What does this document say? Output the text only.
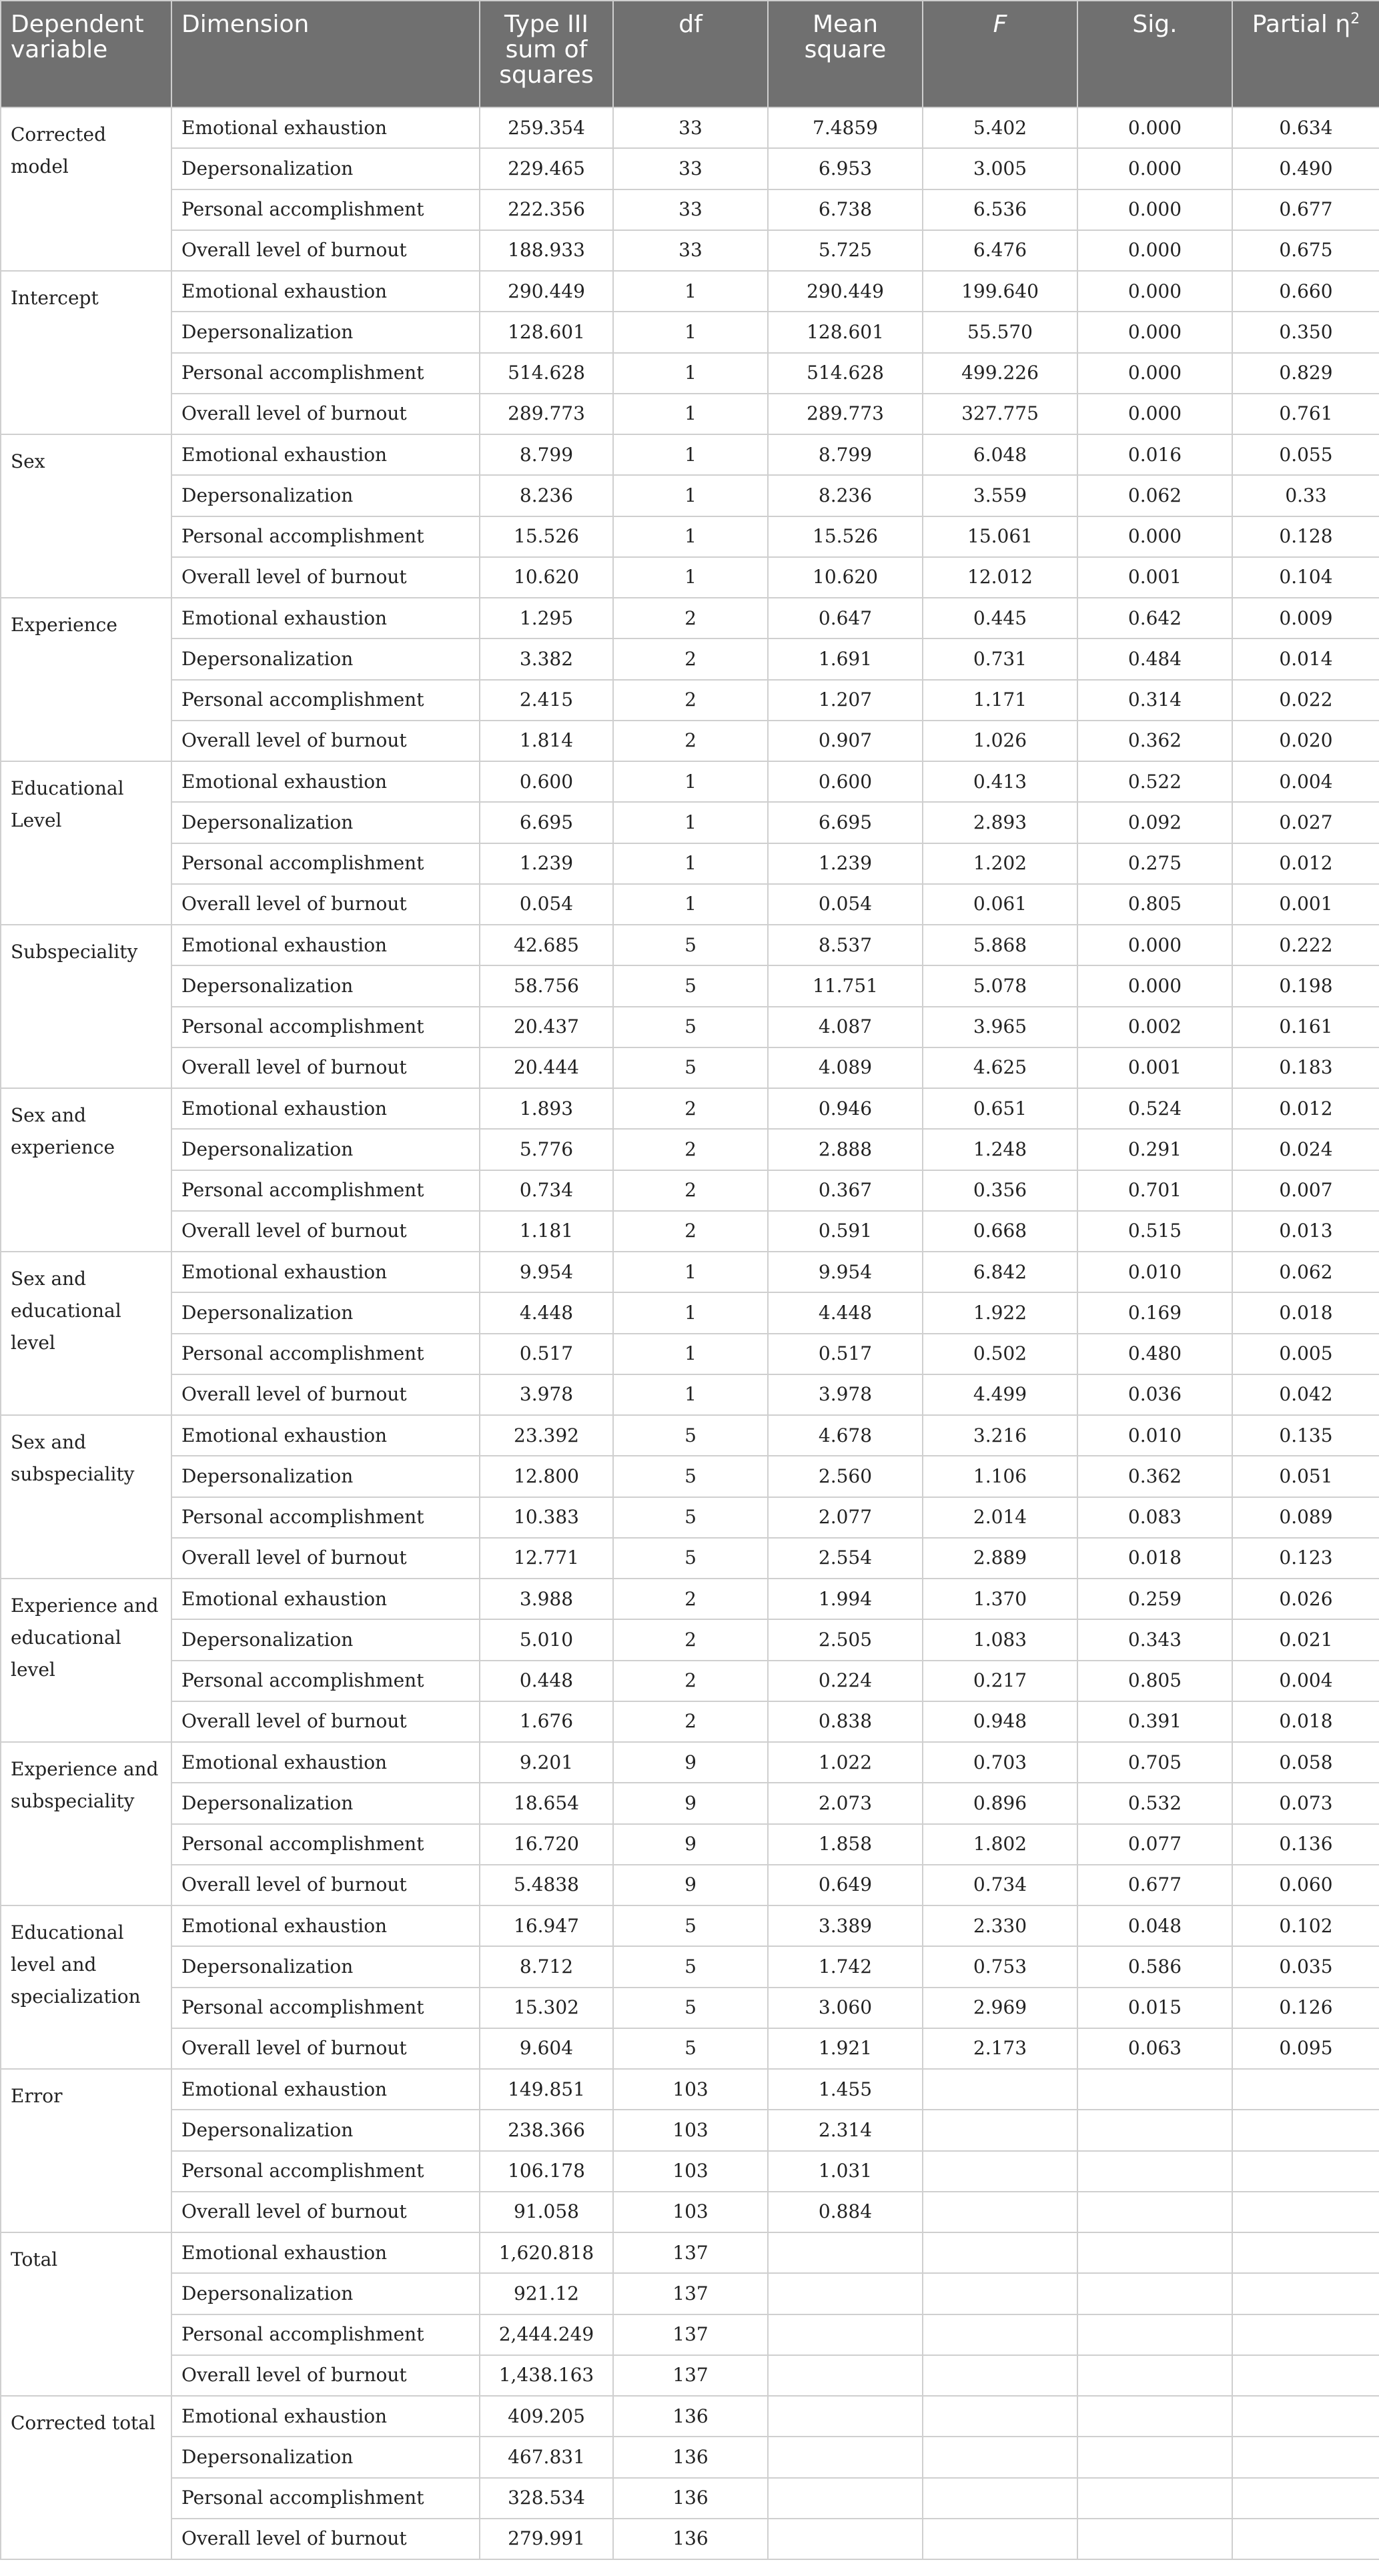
Dependent variable	Dimension	Type III sum of squares	df	Mean square	F	Sig.	Partial $\eta^2$
Corrected model	Emotional exhaustion	259.354	33	7.4859	5.402	0.000	0.634
	Depersonalization	229.465	33	6.953	3.005	0.000	0.490
	Personal accomplishment	222.356	33	6.738	6.536	0.000	0.677
	Overall level of burnout	188.933	33	5.725	6.476	0.000	0.675
Intercept	Emotional exhaustion	290.449	1	290.449	199.640	0.000	0.660
	Depersonalization	128.601	1	128.601	55.570	0.000	0.350
	Personal accomplishment	514.628	1	514.628	499.226	0.000	0.829
	Overall level of burnout	289.773	1	289.773	327.775	0.000	0.761
Sex	Emotional exhaustion	8.799	1	8.799	6.048	0.016	0.055
	Depersonalization	8.236	1	8.236	3.559	0.062	0.33
	Personal accomplishment	15.526	1	15.526	15.061	0.000	0.128
	Overall level of burnout	10.620	1	10.620	12.012	0.001	0.104
Experience	Emotional exhaustion	1.295	2	0.647	0.445	0.642	0.009
	Depersonalization	3.382	2	1.691	0.731	0.484	0.014
	Personal accomplishment	2.415	2	1.207	1.171	0.314	0.022
	Overall level of burnout	1.814	2	0.907	1.026	0.362	0.020
Educational Level	Emotional exhaustion	0.600	1	0.600	0.413	0.522	0.004
	Depersonalization	6.695	1	6.695	2.893	0.092	0.027
	Personal accomplishment	1.239	1	1.239	1.202	0.275	0.012
	Overall level of burnout	0.054	1	0.054	0.061	0.805	0.001
Subspeciality	Emotional exhaustion	42.685	5	8.537	5.868	0.000	0.222
	Depersonalization	58.756	5	11.751	5.078	0.000	0.198
	Personal accomplishment	20.437	5	4.087	3.965	0.002	0.161
	Overall level of burnout	20.444	5	4.089	4.625	0.001	0.183
Sex and experience	Emotional exhaustion	1.893	2	0.946	0.651	0.524	0.012
	Depersonalization	5.776	2	2.888	1.248	0.291	0.024
	Personal accomplishment	0.734	2	0.367	0.356	0.701	0.007
	Overall level of burnout	1.181	2	0.591	0.668	0.515	0.013
Sex and educational level	Emotional exhaustion	9.954	1	9.954	6.842	0.010	0.062
	Depersonalization	4.448	1	4.448	1.922	0.169	0.018
	Personal accomplishment	0.517	1	0.517	0.502	0.480	0.005
	Overall level of burnout	3.978	1	3.978	4.499	0.036	0.042
Sex and subspeciality	Emotional exhaustion	23.392	5	4.678	3.216	0.010	0.135
	Depersonalization	12.800	5	2.560	1.106	0.362	0.051
	Personal accomplishment	10.383	5	2.077	2.014	0.083	0.089
	Overall level of burnout	12.771	5	2.554	2.889	0.018	0.123
Experience and educational level	Emotional exhaustion	3.988	2	1.994	1.370	0.259	0.026
	Depersonalization	5.010	2	2.505	1.083	0.343	0.021
	Personal accomplishment	0.448	2	0.224	0.217	0.805	0.004
	Overall level of burnout	1.676	2	0.838	0.948	0.391	0.018
Experience and subspeciality	Emotional exhaustion	9.201	9	1.022	0.703	0.705	0.058
	Depersonalization	18.654	9	2.073	0.896	0.532	0.073
	Personal accomplishment	16.720	9	1.858	1.802	0.077	0.136
	Overall level of burnout	5.4838	9	0.649	0.734	0.677	0.060
Educational level and specialization	Emotional exhaustion	16.947	5	3.389	2.330	0.048	0.102
	Depersonalization	8.712	5	1.742	0.753	0.586	0.035
	Personal accomplishment	15.302	5	3.060	2.969	0.015	0.126
	Overall level of burnout	9.604	5	1.921	2.173	0.063	0.095
Error	Emotional exhaustion	149.851	103	1.455			
	Depersonalization	238.366	103	2.314			
	Personal accomplishment	106.178	103	1.031			
	Overall level of burnout	91.058	103	0.884			
Total	Emotional exhaustion	1,620.818	137				
	Depersonalization	921.12	137				
	Personal accomplishment	2,444.249	137				
	Overall level of burnout	1,438.163	137				
Corrected total	Emotional exhaustion	409.205	136				
	Depersonalization	467.831	136				
	Personal accomplishment	328.534	136				
	Overall level of burnout	279.991	136				
